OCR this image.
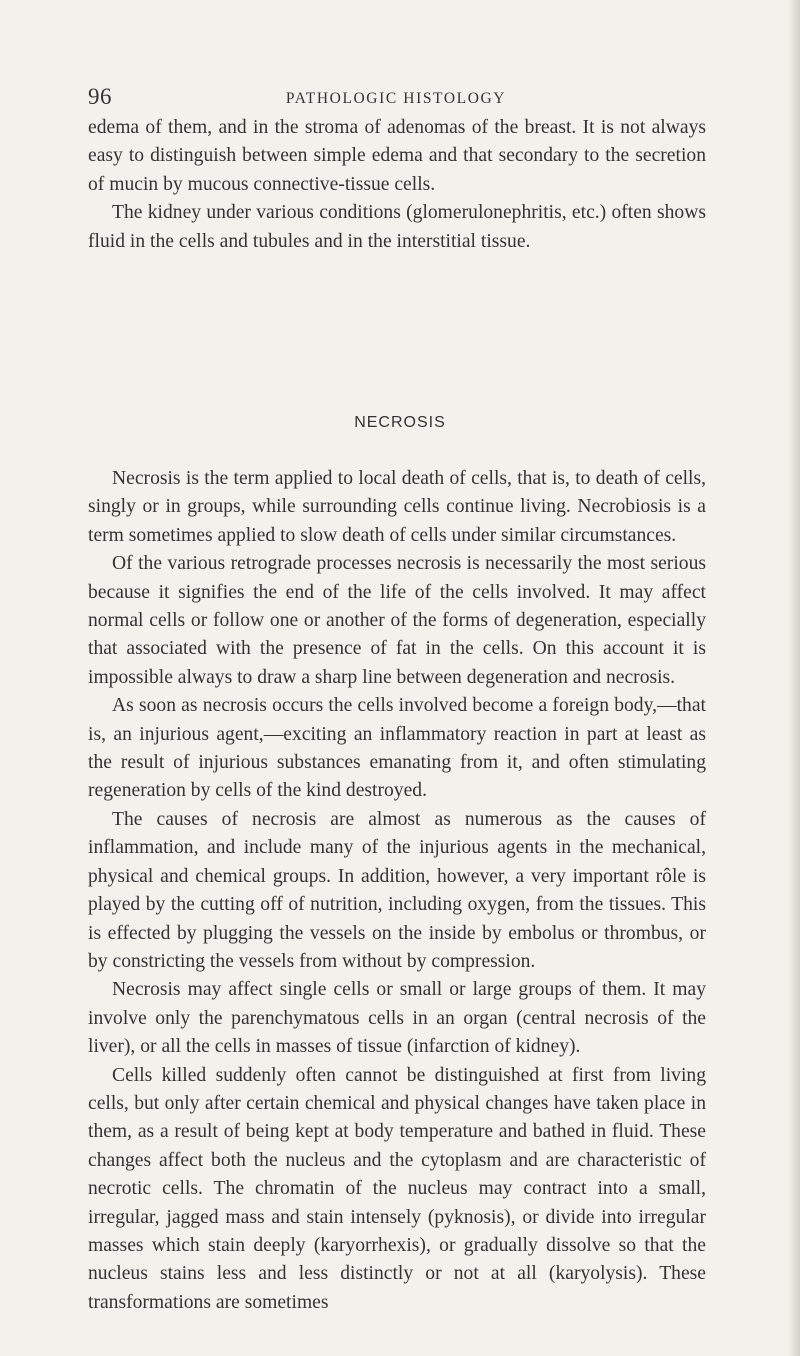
96	PATHOLOGIC HISTOLOGY

edema of them, and in the stroma of adenomas of the breast. It is not always easy to distinguish between simple edema and that secondary to the secretion of mucin by mucous connective-tissue cells.

The kidney under various conditions (glomerulonephritis, etc.) often shows fluid in the cells and tubules and in the interstitial tissue.

NECROSIS

Necrosis is the term applied to local death of cells, that is, to death of cells, singly or in groups, while surrounding cells continue living. Necrobiosis is a term sometimes applied to slow death of cells under similar circumstances.

Of the various retrograde processes necrosis is necessarily the most serious because it signifies the end of the life of the cells involved. It may affect normal cells or follow one or another of the forms of degeneration, especially that associated with the presence of fat in the cells. On this account it is impossible always to draw a sharp line between degeneration and necrosis.

As soon as necrosis occurs the cells involved become a foreign body,—that is, an injurious agent,—exciting an inflammatory reaction in part at least as the result of injurious substances emanating from it, and often stimulating regeneration by cells of the kind destroyed.

The causes of necrosis are almost as numerous as the causes of inflammation, and include many of the injurious agents in the mechanical, physical and chemical groups. In addition, however, a very important rôle is played by the cutting off of nutrition, including oxygen, from the tissues. This is effected by plugging the vessels on the inside by embolus or thrombus, or by constricting the vessels from without by compression.

Necrosis may affect single cells or small or large groups of them. It may involve only the parenchymatous cells in an organ (central necrosis of the liver), or all the cells in masses of tissue (infarction of kidney).

Cells killed suddenly often cannot be distinguished at first from living cells, but only after certain chemical and physical changes have taken place in them, as a result of being kept at body temperature and bathed in fluid. These changes affect both the nucleus and the cytoplasm and are characteristic of necrotic cells. The chromatin of the nucleus may contract into a small, irregular, jagged mass and stain intensely (pyknosis), or divide into irregular masses which stain deeply (karyorrhexis), or gradually dissolve so that the nucleus stains less and less distinctly or not at all (karyolysis). These transformations are sometimes
